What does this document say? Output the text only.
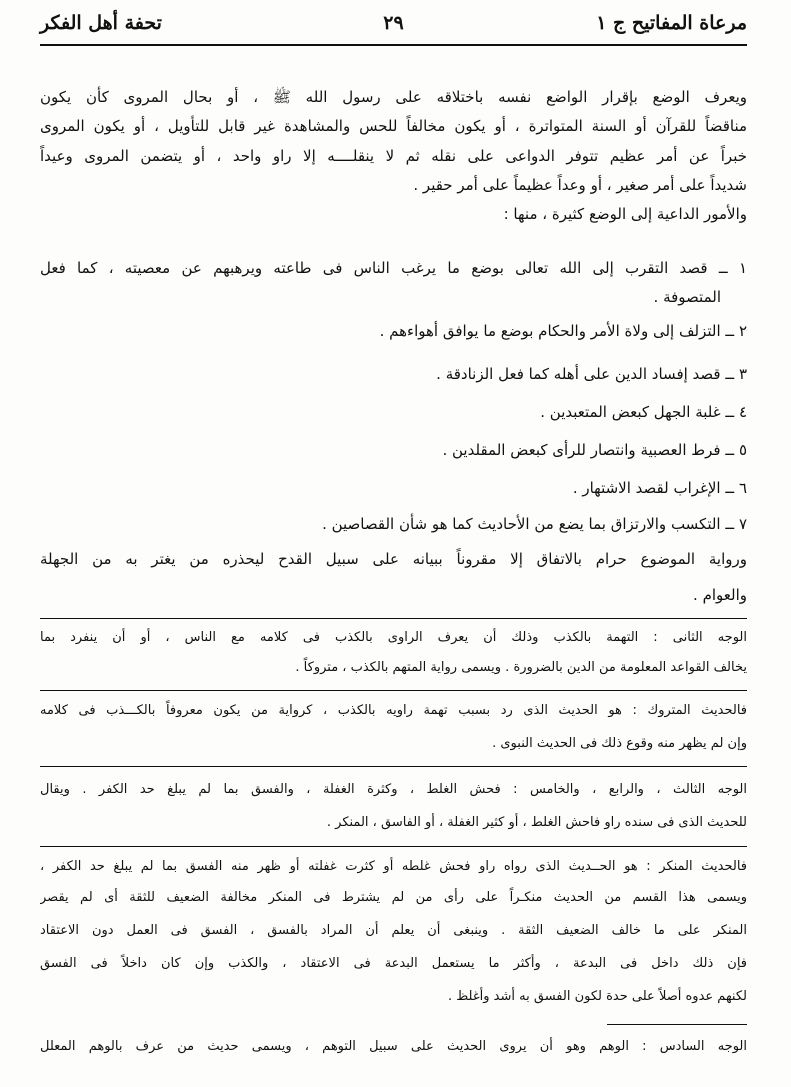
مرعاة المفاتيح ج ١
٢٩
تحفة أهل الفكر
ويعرف الوضع بإقرار الواضع نفسه باختلاقه على رسول الله ﷺ ، أو بحال المروى كأن يكون
مناقضاً للقرآن أو السنة المتواترة ، أو يكون مخالفاً للحس والمشاهدة غير قابل للتأويل ، أو يكون المروى
خبراً عن أمر عظيم تتوفر الدواعى على نقله ثم لا ينقلــــه إلا راو واحد ، أو يتضمن المروى وعيداً
شديداً على أمر صغير ، أو وعداً عظيماً على أمر حقير .
والأمور الداعية إلى الوضع كثيرة ، منها :
١ ــ قصد التقرب إلى الله تعالى بوضع ما يرغب الناس فى طاعته ويرهبهم عن معصيته ، كما فعل
المتصوفة .
٢ ــ التزلف إلى ولاة الأمر والحكام بوضع ما يوافق أهواءهم .
٣ ــ قصد إفساد الدين على أهله كما فعل الزنادقة .
٤ ــ غلبة الجهل كبعض المتعبدين .
٥ ــ فرط العصبية وانتصار للرأى كبعض المقلدين .
٦ ــ الإغراب لقصد الاشتهار .
٧ ــ التكسب والارتزاق بما يضع من الأحاديث كما هو شأن القصاصين .
ورواية الموضوع حرام بالاتفاق إلا مقروناً ببيانه على سبيل القدح ليحذره من يغتر به من الجهلة
والعوام .
الوجه الثانى : التهمة بالكذب وذلك أن يعرف الراوى بالكذب فى كلامه مع الناس ، أو أن ينفرد بما
يخالف القواعد المعلومة من الدين بالضرورة . ويسمى رواية المتهم بالكذب ، متروكاً .
فالحديث المتروك : هو الحديث الذى رد بسبب تهمة راويه بالكذب ، كرواية من يكون معروفاً بالكـــذب فى كلامه
وإن لم يظهر منه وقوع ذلك فى الحديث النبوى .
الوجه الثالث ، والرابع ، والخامس : فحش الغلط ، وكثرة الغفلة ، والفسق بما لم يبلغ حد الكفر . ويقال
للحديث الذى فى سنده راو فاحش الغلط ، أو كثير الغفلة ، أو الفاسق ، المنكر .
فالحديث المنكر : هو الحــديث الذى رواه راو فحش غلطه أو كثرت غفلته أو ظهر منه الفسق بما لم يبلغ حد الكفر ،
ويسمى هذا القسم من الحديث منكـراً على رأى من لم يشترط فى المنكر مخالفة الضعيف للثقة أى لم يقصر
المنكر على ما خالف الضعيف الثقة . وينبغى أن يعلم أن المراد بالفسق ، الفسق فى العمل دون الاعتقاد
فإن ذلك داخل فى البدعة ، وأكثر ما يستعمل البدعة فى الاعتقاد ، والكذب وإن كان داخلاً فى الفسق
لكنهم عدوه أصلاً على حدة لكون الفسق به أشد وأغلظ .
الوجه السادس : الوهم وهو أن يروى الحديث على سبيل التوهم ، ويسمى حديث من عرف بالوهم المعلل
